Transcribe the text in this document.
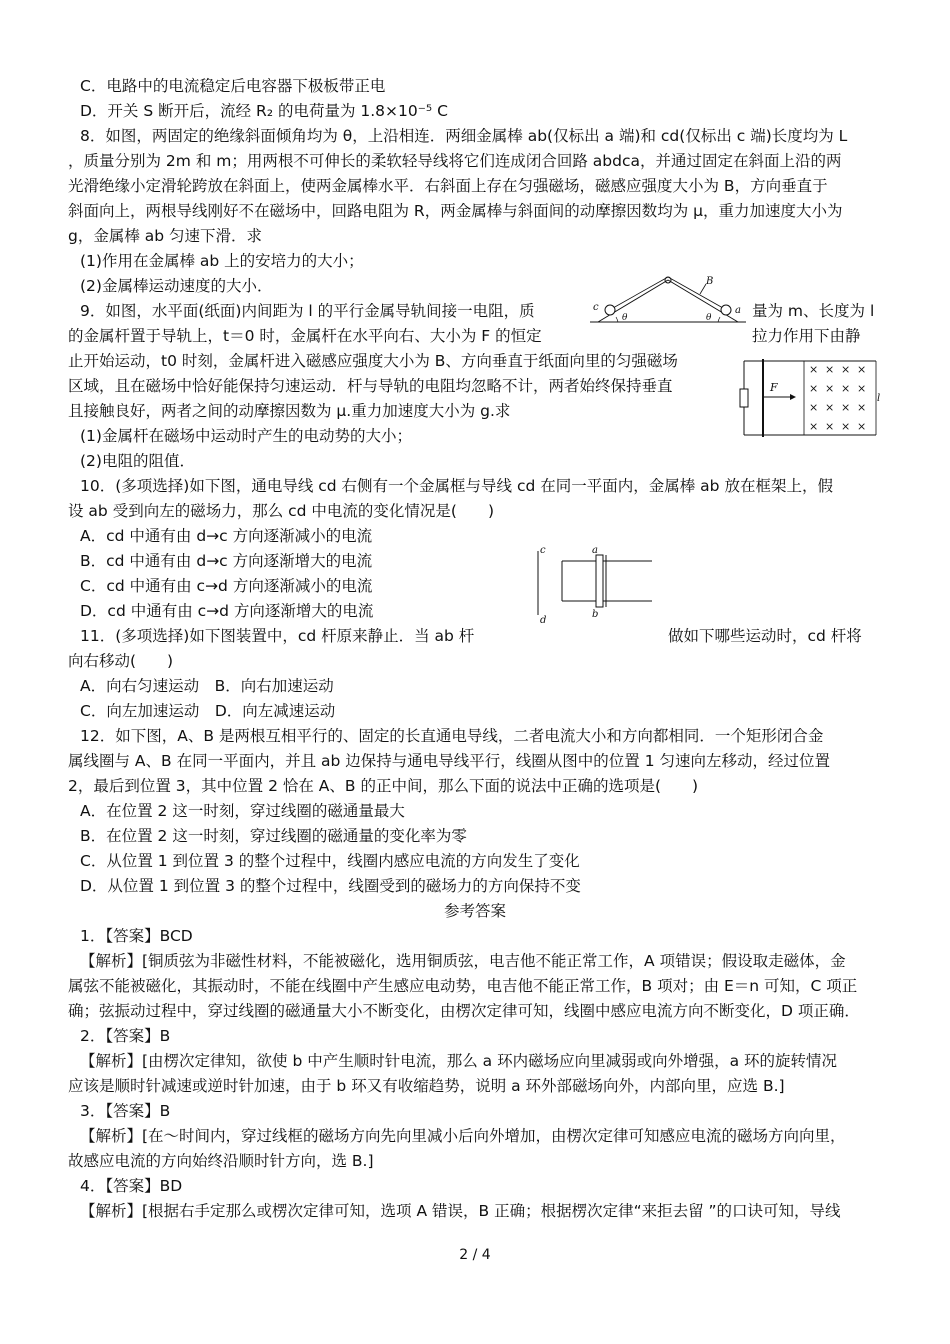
C．电路中的电流稳定后电容器下极板带正电
D．开关 S 断开后，流经 R₂ 的电荷量为 1.8×10⁻⁵ C
8．如图，两固定的绝缘斜面倾角均为 θ，上沿相连．两细金属棒 ab(仅标出 a 端)和 cd(仅标出 c 端)长度均为 L
，质量分别为 2m 和 m；用两根不可伸长的柔软轻导线将它们连成闭合回路 abdca，并通过固定在斜面上沿的两
光滑绝缘小定滑轮跨放在斜面上，使两金属棒水平．右斜面上存在匀强磁场，磁感应强度大小为 B，方向垂直于
斜面向上，两根导线刚好不在磁场中，回路电阻为 R，两金属棒与斜面间的动摩擦因数均为 μ，重力加速度大小为
g，金属棒 ab 匀速下滑．求
(1)作用在金属棒 ab 上的安培力的大小；
(2)金属棒运动速度的大小．
9．如图，水平面(纸面)内间距为 l 的平行金属导轨间接一电阻，质	量为 m、长度为 l
的金属杆置于导轨上，t＝0 时，金属杆在水平向右、大小为 F 的恒定	拉力作用下由静
止开始运动，t0 时刻，金属杆进入磁感应强度大小为 B、方向垂直于纸面向里的匀强磁场
区域，且在磁场中恰好能保持匀速运动．杆与导轨的电阻均忽略不计，两者始终保持垂直
且接触良好，两者之间的动摩擦因数为 μ.重力加速度大小为 g.求
(1)金属杆在磁场中运动时产生的电动势的大小；
(2)电阻的阻值．
10．(多项选择)如下图，通电导线 cd 右侧有一个金属框与导线 cd 在同一平面内，金属棒 ab 放在框架上，假
设 ab 受到向左的磁场力，那么 cd 中电流的变化情况是(　　)
A．cd 中通有由 d→c 方向逐渐减小的电流
B．cd 中通有由 d→c 方向逐渐增大的电流
C．cd 中通有由 c→d 方向逐渐减小的电流
D．cd 中通有由 c→d 方向逐渐增大的电流
11．(多项选择)如下图装置中，cd 杆原来静止．当 ab 杆	做如下哪些运动时，cd 杆将
向右移动(　　)
A．向右匀速运动　B．向右加速运动
C．向左加速运动　D．向左减速运动
12．如下图，A、B 是两根互相平行的、固定的长直通电导线，二者电流大小和方向都相同．一个矩形闭合金
属线圈与 A、B 在同一平面内，并且 ab 边保持与通电导线平行，线圈从图中的位置 1 匀速向左移动，经过位置
2，最后到位置 3，其中位置 2 恰在 A、B 的正中间，那么下面的说法中正确的选项是(　　)
A．在位置 2 这一时刻，穿过线圈的磁通量最大
B．在位置 2 这一时刻，穿过线圈的磁通量的变化率为零
C．从位置 1 到位置 3 的整个过程中，线圈内感应电流的方向发生了变化
D．从位置 1 到位置 3 的整个过程中，线圈受到的磁场力的方向保持不变
参考答案
1．【答案】BCD
【解析】[铜质弦为非磁性材料，不能被磁化，选用铜质弦，电吉他不能正常工作，A 项错误；假设取走磁体，金
属弦不能被磁化，其振动时，不能在线圈中产生感应电动势，电吉他不能正常工作，B 项对；由 E＝n 可知，C 项正
确；弦振动过程中，穿过线圈的磁通量大小不断变化，由楞次定律可知，线圈中感应电流方向不断变化，D 项正确．
2．【答案】B
【解析】[由楞次定律知，欲使 b 中产生顺时针电流，那么 a 环内磁场应向里减弱或向外增强，a 环的旋转情况
应该是顺时针减速或逆时针加速，由于 b 环又有收缩趋势，说明 a 环外部磁场向外，内部向里，应选 B.]
3．【答案】B
【解析】[在～时间内，穿过线框的磁场方向先向里减小后向外增加，由楞次定律可知感应电流的磁场方向向里，
故感应电流的方向始终沿顺时针方向，选 B.]
4．【答案】BD
【解析】[根据右手定那么或楞次定律可知，选项 A 错误，B 正确；根据楞次定律“来拒去留 ”的口诀可知，导线
2 / 4
c
B
a
θ	θ
F
l
× × × ×
× × × ×
× × × ×
× × × ×
c
d
a
b
